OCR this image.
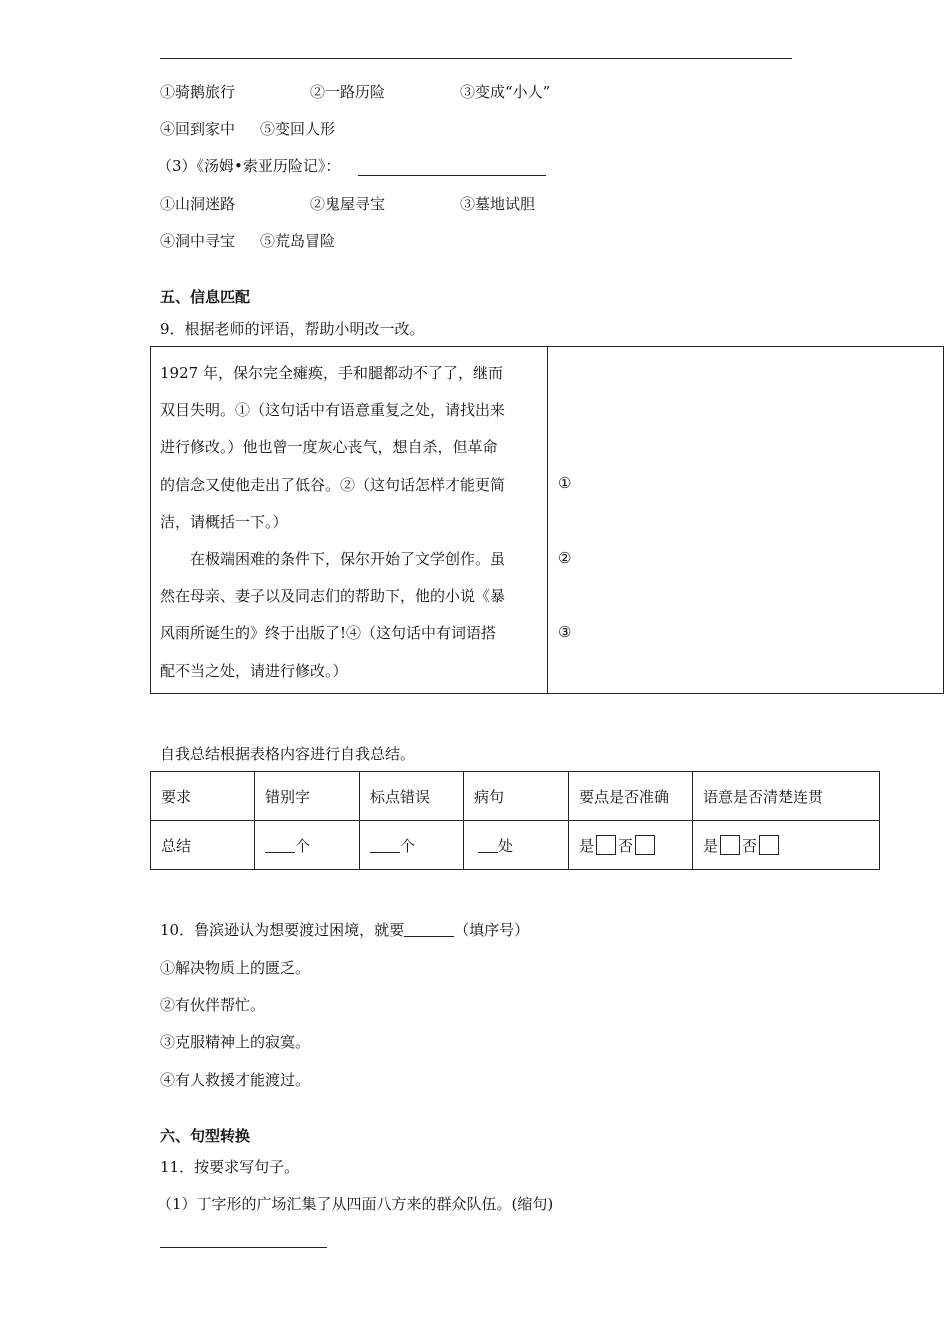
①骑鹅旅行	②一路历险	③变成“小人”
④回到家中 ⑤变回人形
（3）《汤姆•索亚历险记》：
①山洞迷路	②鬼屋寻宝	③墓地试胆
④洞中寻宝 ⑤荒岛冒险
五、信息匹配
9．根据老师的评语，帮助小明改一改。

1927 年，保尔完全瘫痪，手和腿都动不了了，继而

双目失明。①（这句话中有语意重复之处，请找出来

进行修改。）他也曾一度灰心丧气，想自杀，但革命

的信念又使他走出了低谷。②（这句话怎样才能更简

洁，请概括一下。）

　　在极端困难的条件下，保尔开始了文学创作。虽

然在母亲、妻子以及同志们的帮助下，他的小说《暴

风雨所诞生的》终于出版了!④（这句话中有词语搭

配不当之处，请进行修改。）

①
②
③
自我总结根据表格内容进行自我总结。
要求	错别字	标点错误	病句	要点是否准确	语意是否清楚连贯
总结	个	个	处	是 否	是 否
10．鲁滨逊认为想要渡过困境，就要	（填序号）
①解决物质上的匮乏。
②有伙伴帮忙。
③克服精神上的寂寞。
④有人救援才能渡过。
六、句型转换
11．按要求写句子。
（1）丁字形的广场汇集了从四面八方来的群众队伍。(缩句)
